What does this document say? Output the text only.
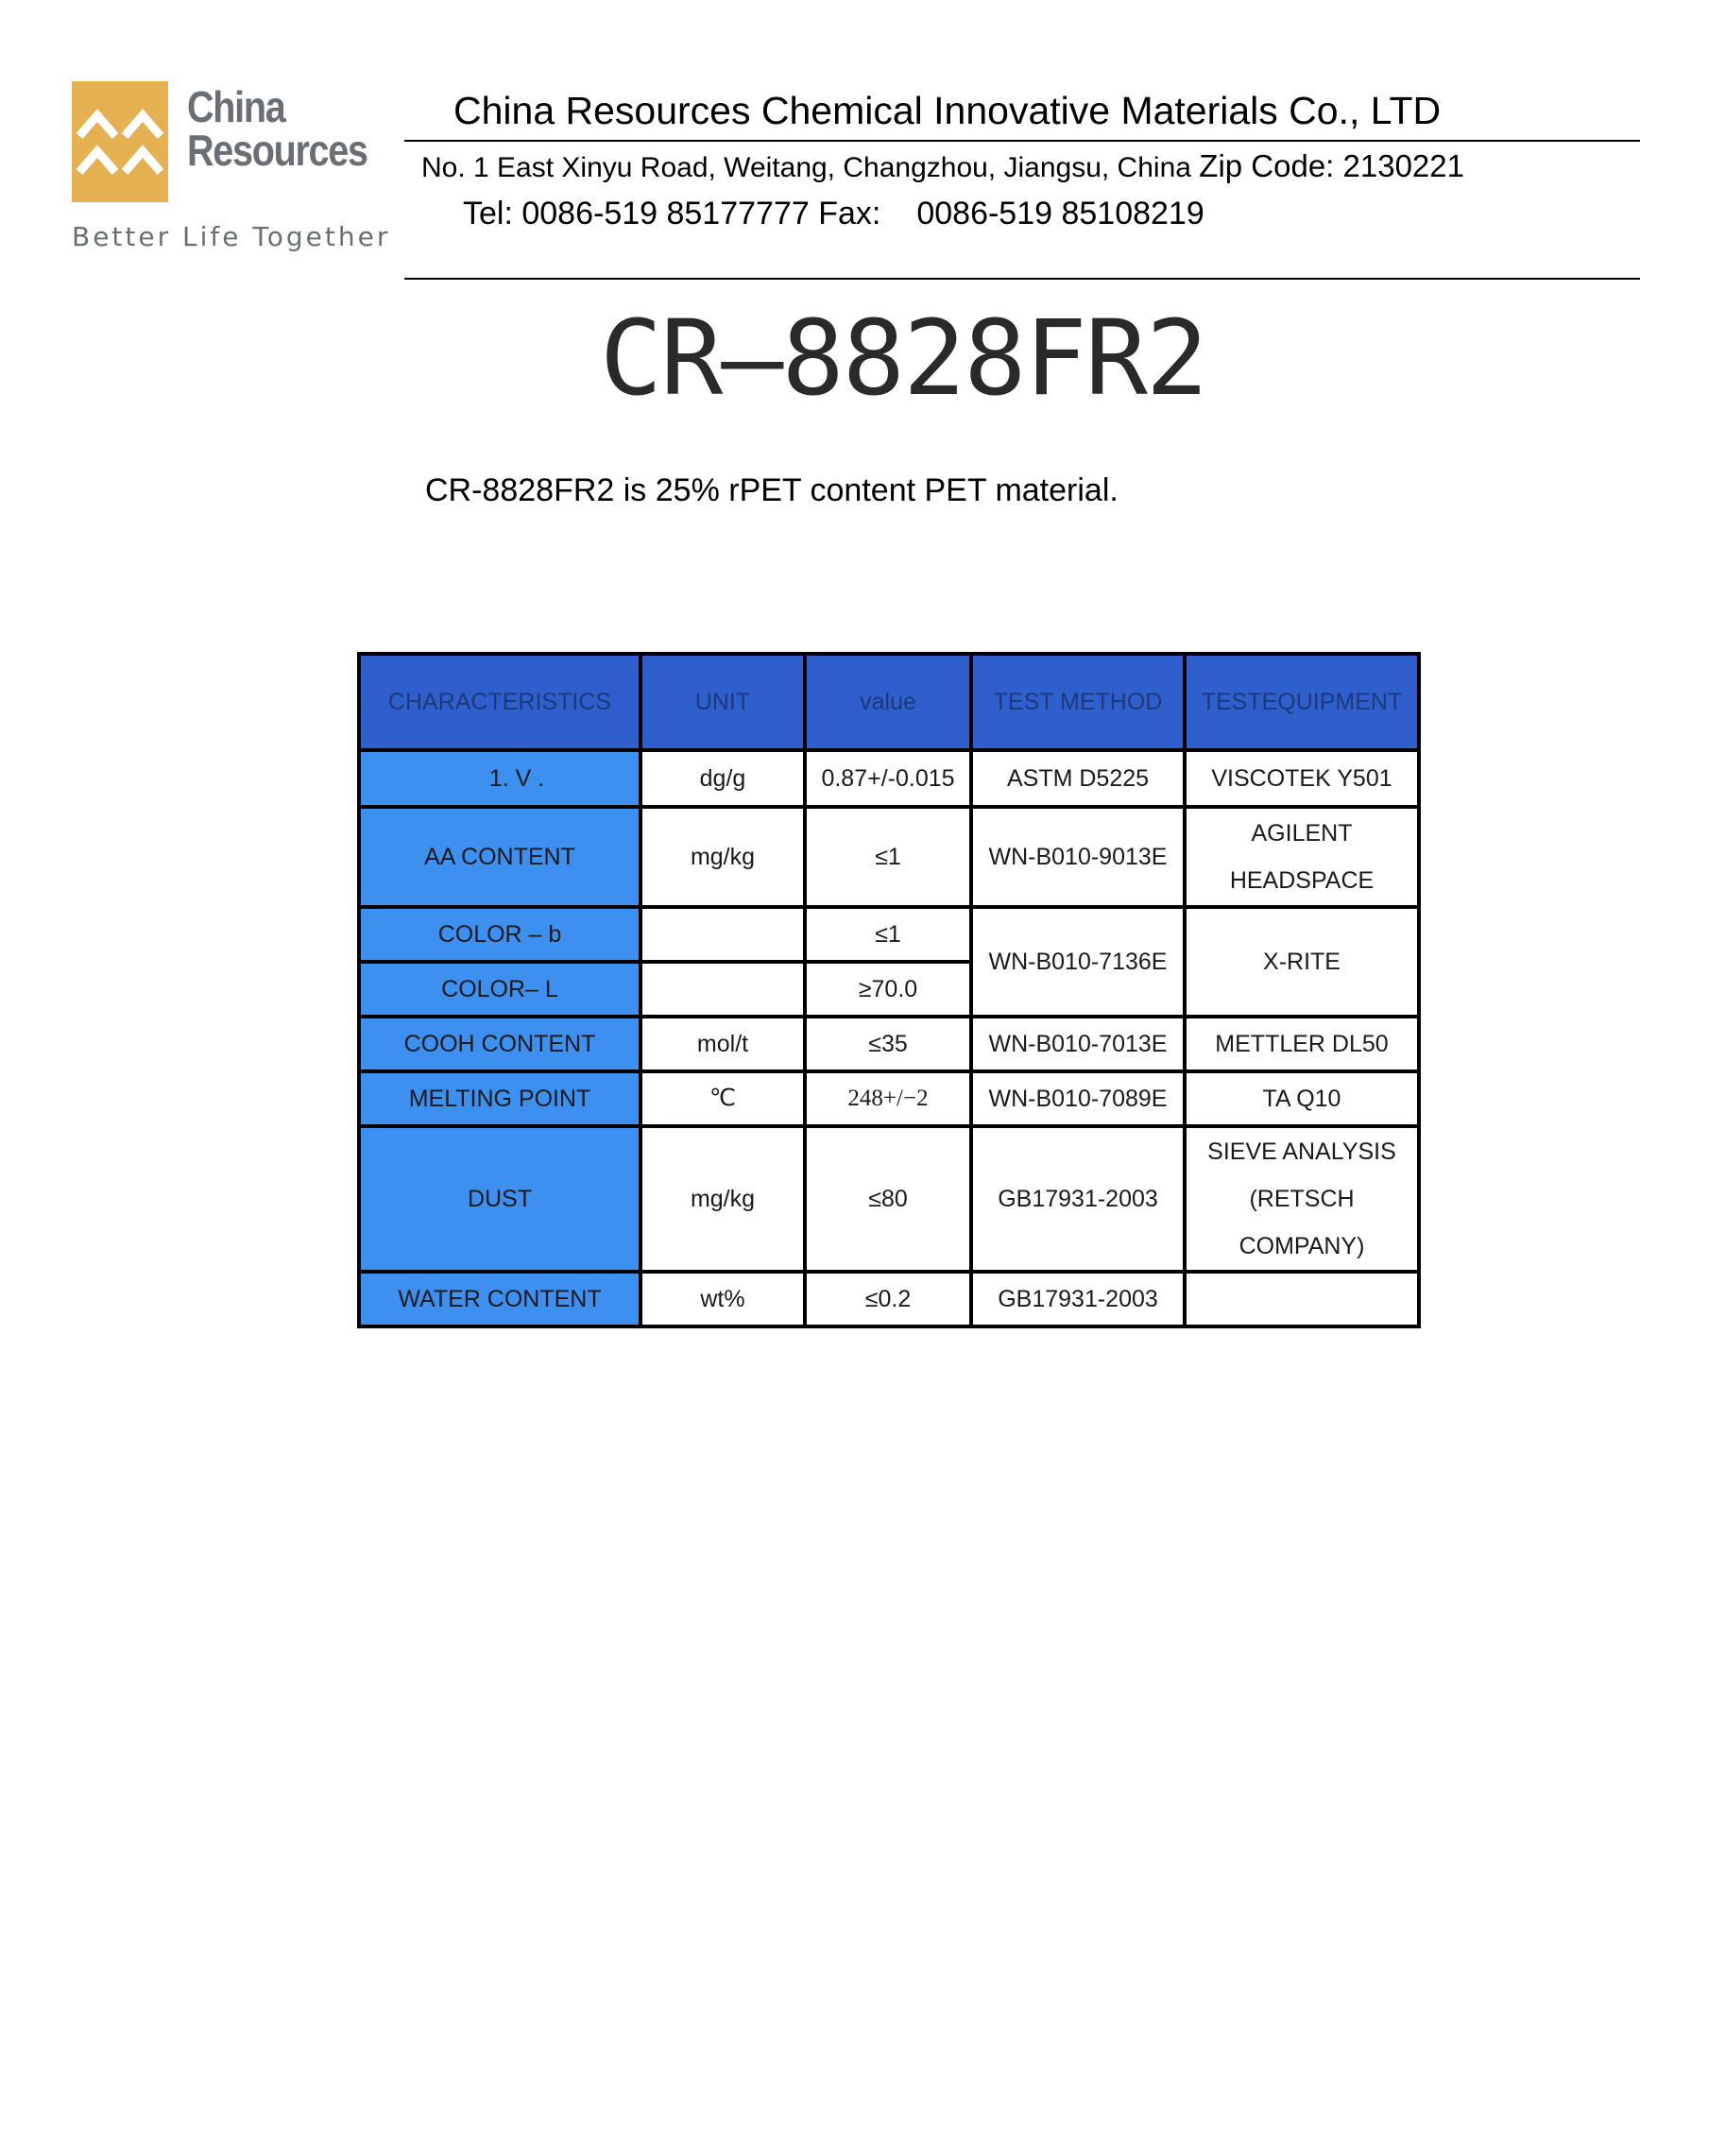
China
Resources
Better Life Together
China Resources Chemical Innovative Materials Co., LTD
No. 1 East Xinyu Road, Weitang, Changzhou, Jiangsu, China Zip Code: 2130221
Tel: 0086-519 85177777 Fax: 0086-519 85108219
CR–8828FR2
CR-8828FR2 is 25% rPET content PET material.
CHARACTERISTICS	UNIT	value	TEST METHOD	TESTEQUIPMENT
1. V .	dg/g	0.87+/-0.015	ASTM D5225	VISCOTEK Y501
AA CONTENT	mg/kg	≤1	WN-B010-9013E	AGILENT
HEADSPACE

COLOR – b		≤1	WN-B010-7136E	X-RITE
COLOR– L		≥70.0		
COOH CONTENT	mol/t	≤35	WN-B010-7013E	METTLER DL50
MELTING POINT	℃	248+/−2	WN-B010-7089E	TA Q10
DUST	mg/kg	≤80	GB17931-2003	SIEVE ANALYSIS
(RETSCH COMPANY)

WATER CONTENT	wt%	≤0.2	GB17931-2003	
